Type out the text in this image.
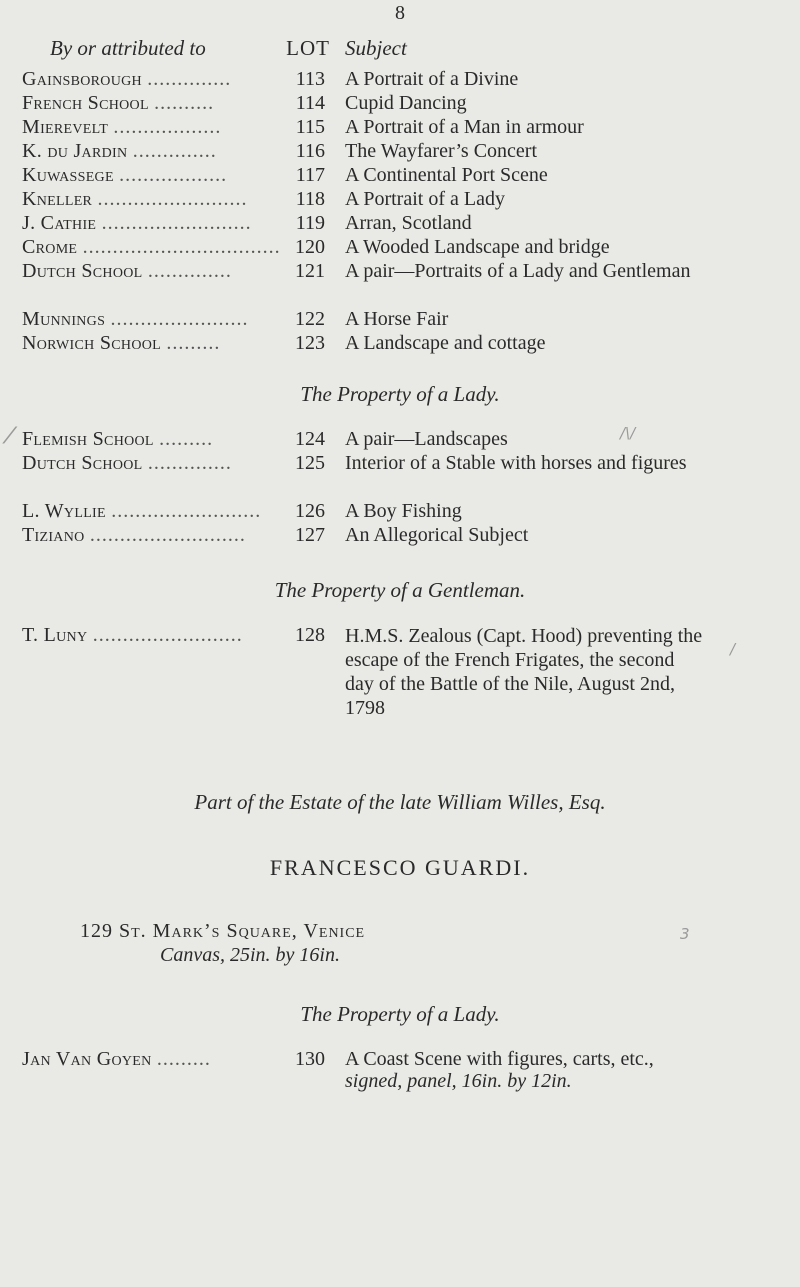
8
By or attributed to	LOT Subject
Gainsborough ..............	113 A Portrait of a Divine
French School ..........	114 Cupid Dancing
Mierevelt ..................	115 A Portrait of a Man in armour
K. du Jardin ..............	116 The Wayfarer’s Concert
Kuwassege ..................	117 A Continental Port Scene
Kneller .........................	118 A Portrait of a Lady
J. Cathie .........................	119 Arran, Scotland
Crome ................................. 120 A Wooded Landscape and bridge
Dutch School ..............	121 A pair—Portraits of a Lady and Gentleman
Munnings .......................	122 A Horse Fair
Norwich School .........	123 A Landscape and cottage
The Property of a Lady.
Flemish School .........	124 A pair—Landscapes
Dutch School ..............	125 Interior of a Stable with horses and figures
L. Wyllie .........................	126 A Boy Fishing
Tiziano ..........................	127 An Allegorical Subject
The Property of a Gentleman.
T. Luny .........................	128 H.M.S. Zealous (Capt. Hood) preventing the escape of the French Frigates, the second day of the Battle of the Nile, August 2nd, 1798
Part of the Estate of the late William Willes, Esq.
FRANCESCO GUARDI.
129 St. Mark’s Square, Venice
Canvas, 25in. by 16in.
The Property of a Lady.
Jan Van Goyen .........	130 A Coast Scene with figures, carts, etc.,
signed, panel, 16in. by 12in.
⁄	/\/
/
3
